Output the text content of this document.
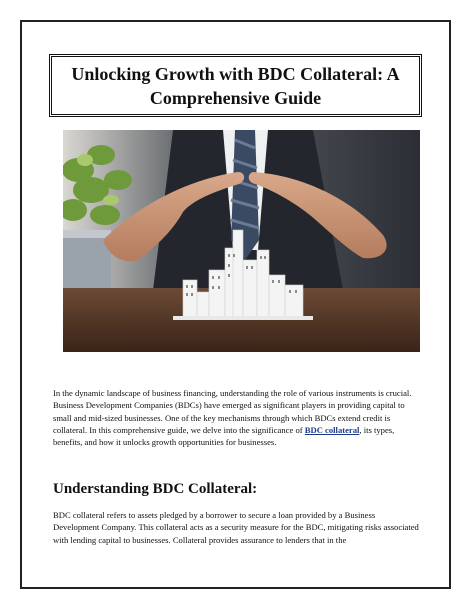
Unlocking Growth with BDC Collateral: A Comprehensive Guide

In the dynamic landscape of business financing, understanding the role of various instruments is crucial. Business Development Companies (BDCs) have emerged as significant players in providing capital to small and mid-sized businesses. One of the key mechanisms through which BDCs extend credit is collateral. In this comprehensive guide, we delve into the significance of BDC collateral, its types, benefits, and how it unlocks growth opportunities for businesses.

Understanding BDC Collateral:

BDC collateral refers to assets pledged by a borrower to secure a loan provided by a Business Development Company. This collateral acts as a security measure for the BDC, mitigating risks associated with lending capital to businesses. Collateral provides assurance to lenders that in the
